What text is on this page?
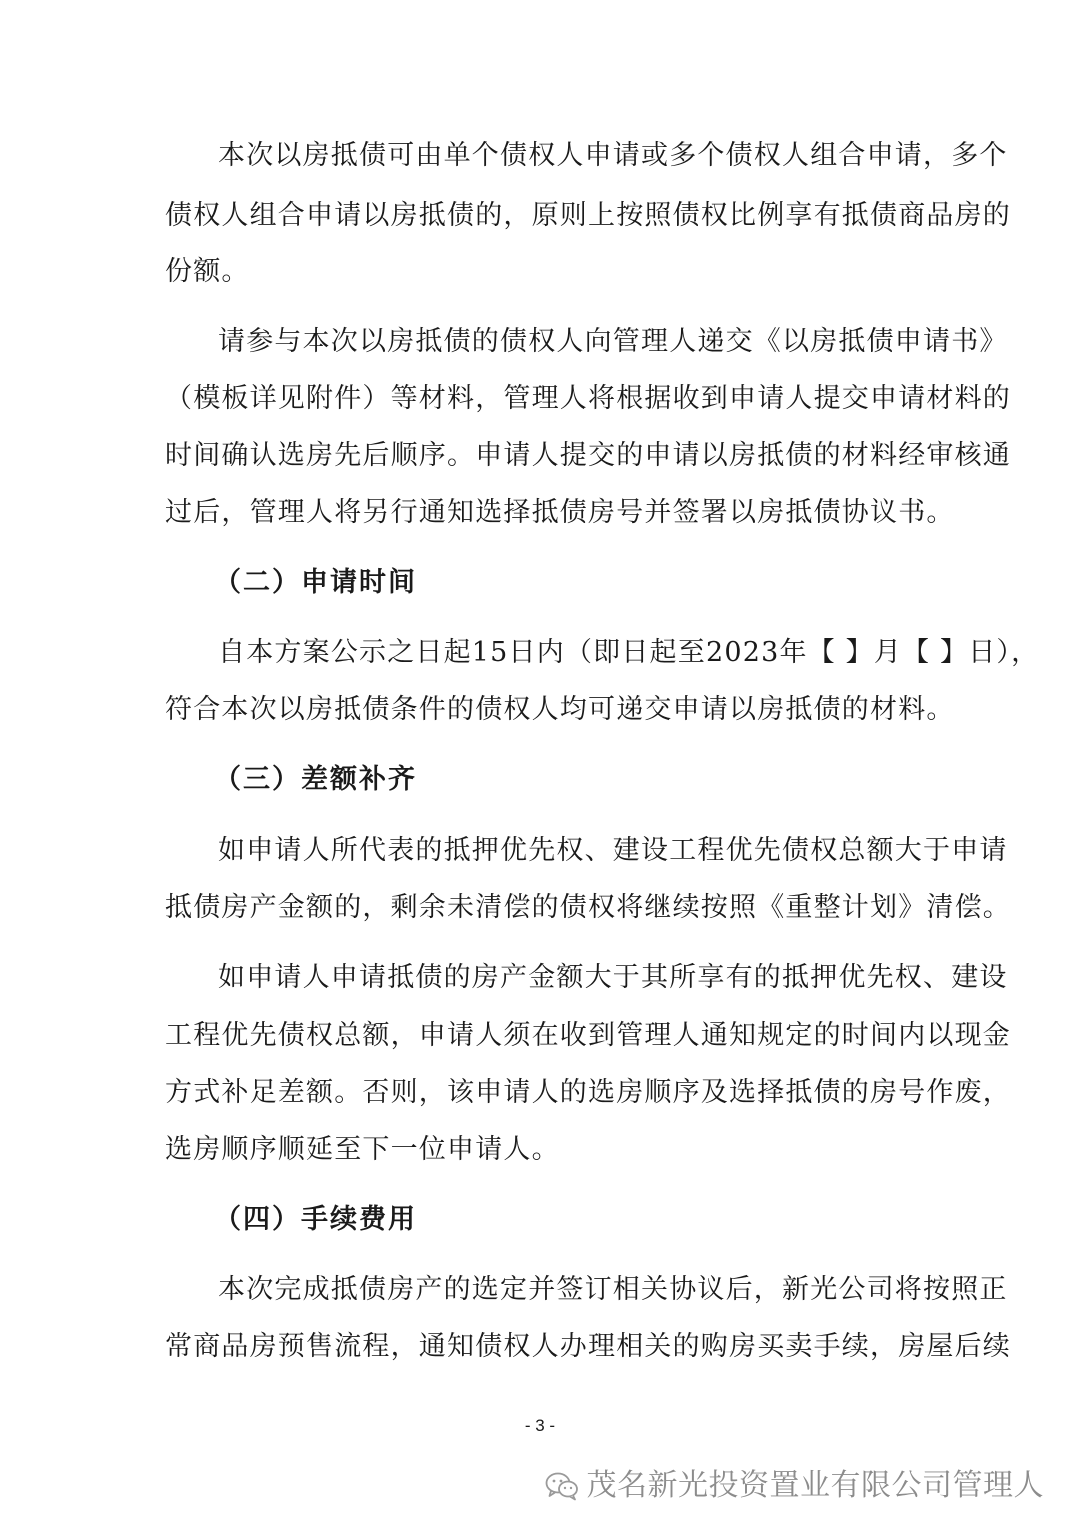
本次以房抵债可由单个债权人申请或多个债权人组合申请，多个
债权人组合申请以房抵债的，原则上按照债权比例享有抵债商品房的
份额。
请参与本次以房抵债的债权人向管理人递交《以房抵债申请书》
（模板详见附件）等材料，管理人将根据收到申请人提交申请材料的
时间确认选房先后顺序。申请人提交的申请以房抵债的材料经审核通
过后，管理人将另行通知选择抵债房号并签署以房抵债协议书。
（二）申请时间
自本方案公示之日起15日内（即日起至2023年【 】月【 】日），
符合本次以房抵债条件的债权人均可递交申请以房抵债的材料。
（三）差额补齐
如申请人所代表的抵押优先权、建设工程优先债权总额大于申请
抵债房产金额的，剩余未清偿的债权将继续按照《重整计划》清偿。
如申请人申请抵债的房产金额大于其所享有的抵押优先权、建设
工程优先债权总额，申请人须在收到管理人通知规定的时间内以现金
方式补足差额。否则，该申请人的选房顺序及选择抵债的房号作废，
选房顺序顺延至下一位申请人。
（四）手续费用
本次完成抵债房产的选定并签订相关协议后，新光公司将按照正
常商品房预售流程，通知债权人办理相关的购房买卖手续，房屋后续
- 3 -
茂名新光投资置业有限公司管理人
